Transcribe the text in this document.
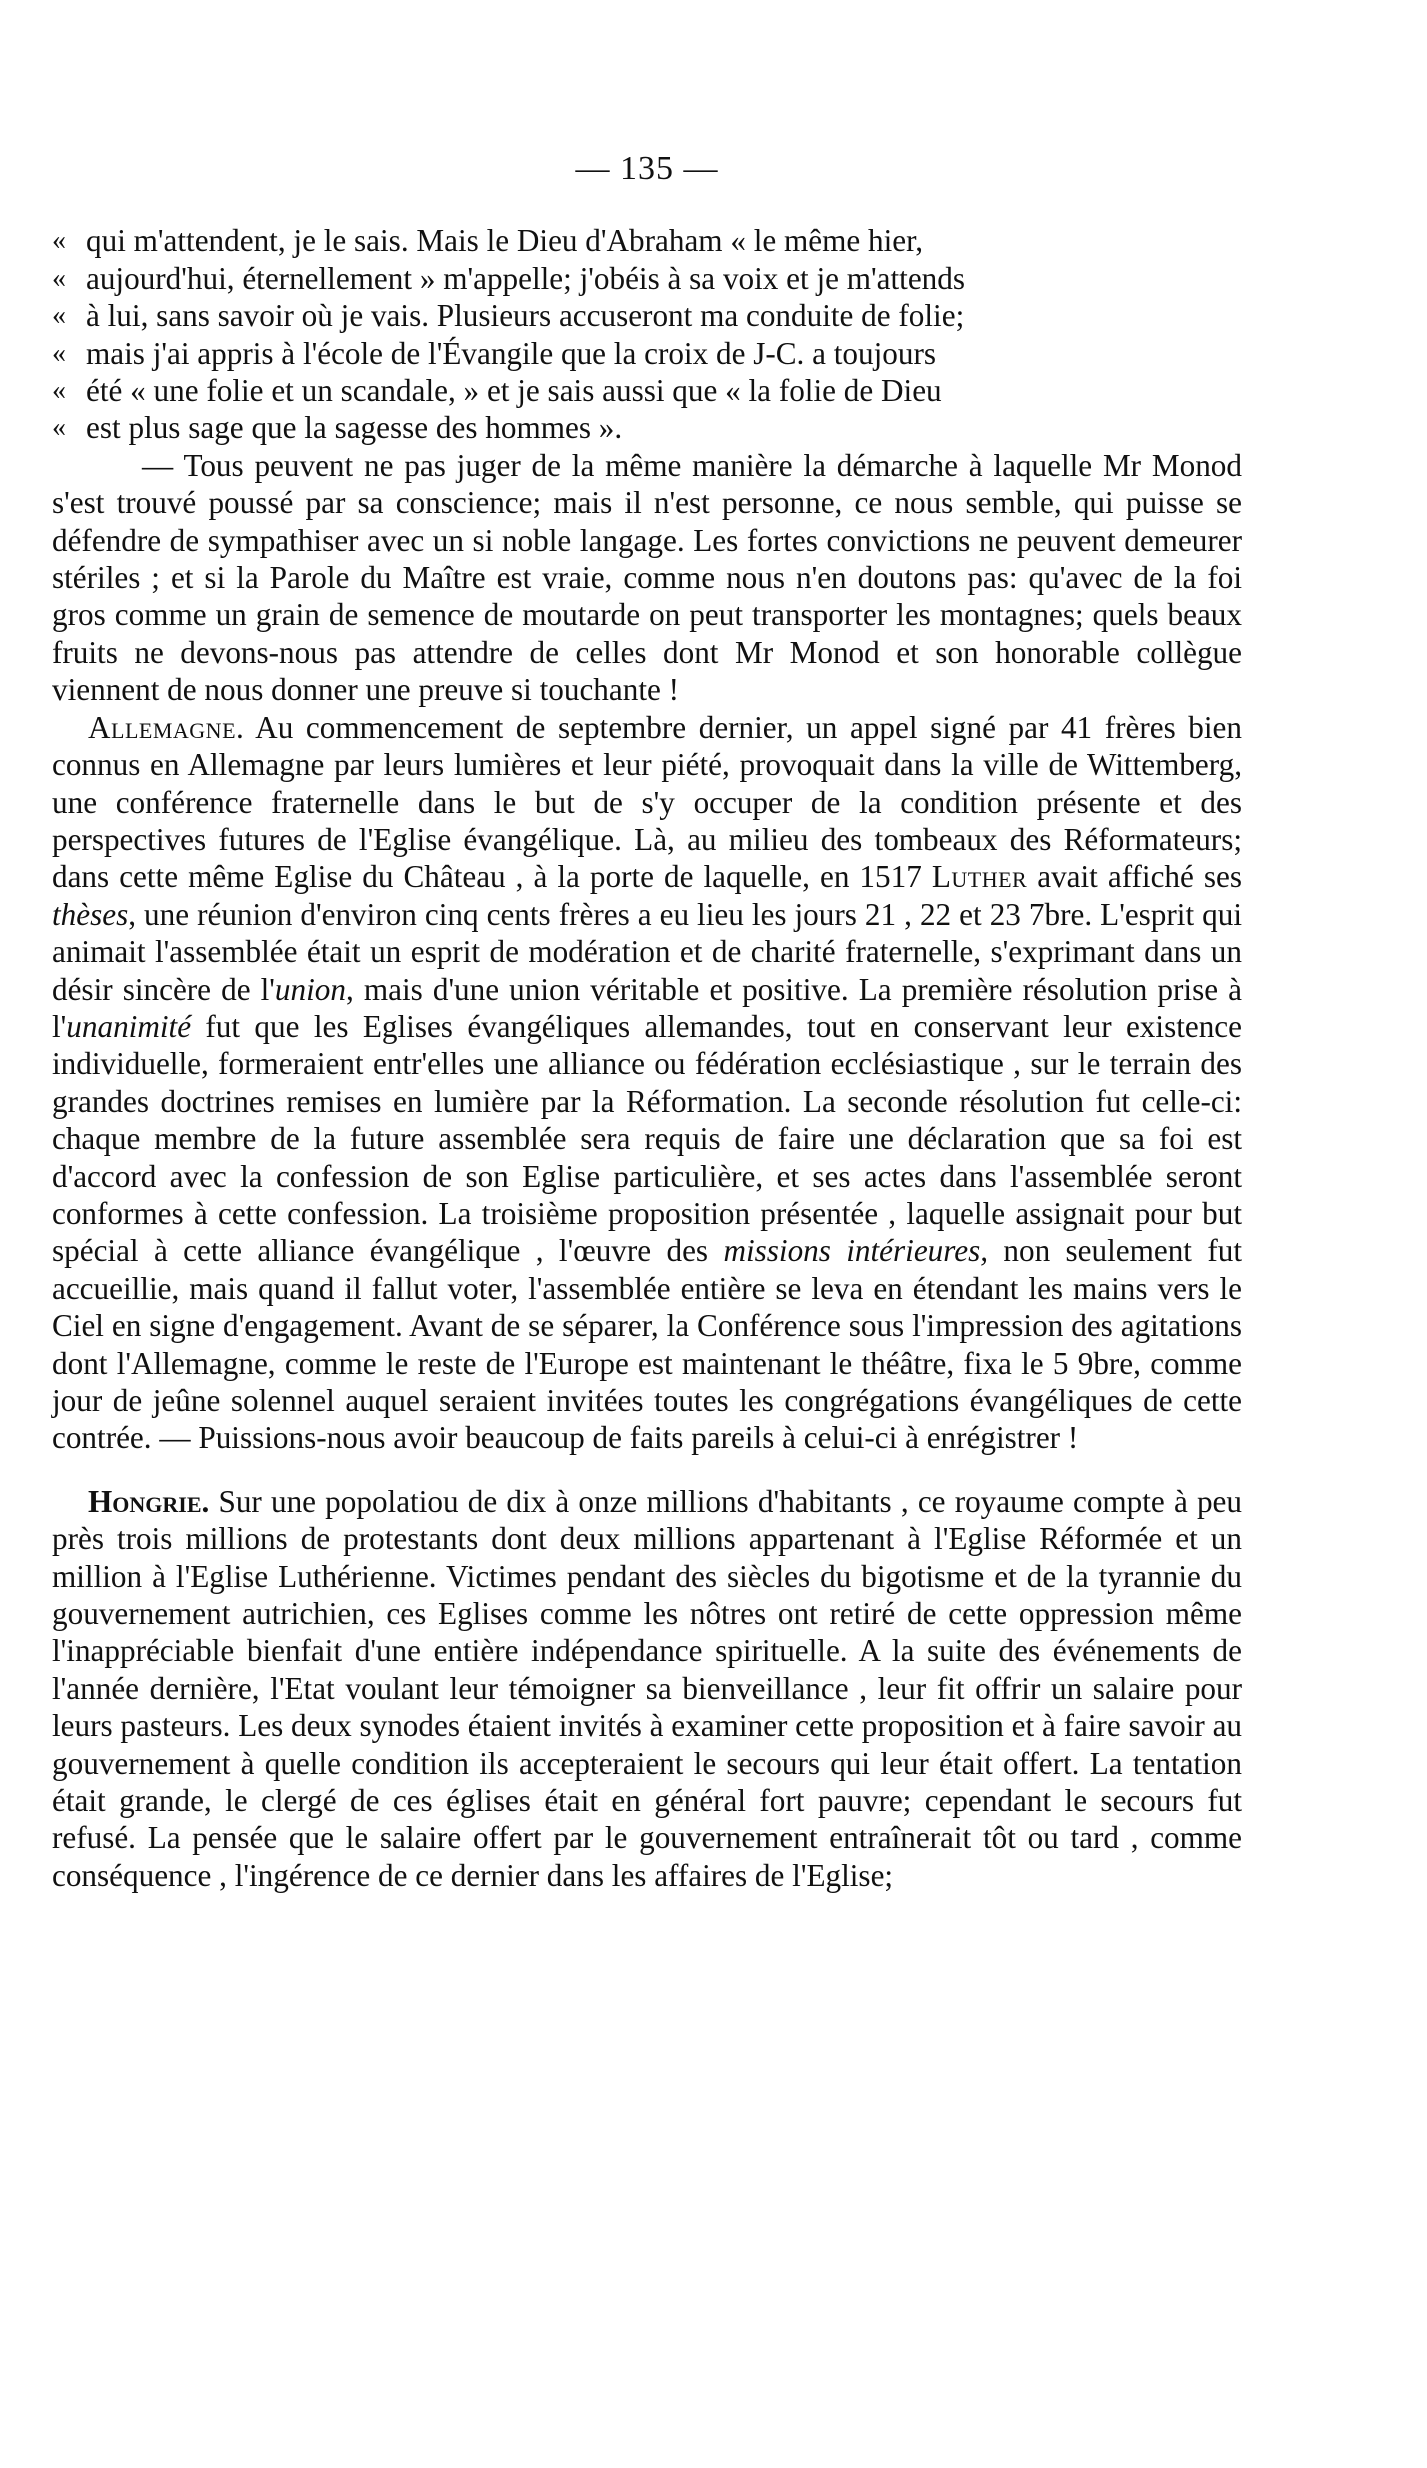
— 135 —
« qui m'attendent, je le sais. Mais le Dieu d'Abraham « le même hier,
« aujourd'hui, éternellement » m'appelle; j'obéis à sa voix et je m'attends
« à lui, sans savoir où je vais. Plusieurs accuseront ma conduite de folie;
« mais j'ai appris à l'école de l'Évangile que la croix de J-C. a toujours
« été « une folie et un scandale, » et je sais aussi que « la folie de Dieu
« est plus sage que la sagesse des hommes ».

— Tous peuvent ne pas juger de la même manière la démarche à laquelle Mr Monod s'est trouvé poussé par sa conscience; mais il n'est personne, ce nous semble, qui puisse se défendre de sympathiser avec un si noble langage. Les fortes convictions ne peuvent demeurer stériles ; et si la Parole du Maître est vraie, comme nous n'en doutons pas: qu'avec de la foi gros comme un grain de semence de moutarde on peut transporter les montagnes; quels beaux fruits ne devons-nous pas attendre de celles dont Mr Monod et son honorable collègue viennent de nous donner une preuve si touchante !

Allemagne. Au commencement de septembre dernier, un appel signé par 41 frères bien connus en Allemagne par leurs lumières et leur piété, provoquait dans la ville de Wittemberg, une conférence fraternelle dans le but de s'y occuper de la condition présente et des perspectives futures de l'Eglise évangélique. Là, au milieu des tombeaux des Réformateurs; dans cette même Eglise du Château , à la porte de laquelle, en 1517 Luther avait affiché ses thèses, une réunion d'environ cinq cents frères a eu lieu les jours 21 , 22 et 23 7bre. L'esprit qui animait l'assemblée était un esprit de modération et de charité fraternelle, s'exprimant dans un désir sincère de l'union, mais d'une union véritable et positive. La première résolution prise à l'unanimité fut que les Eglises évangéliques allemandes, tout en conservant leur existence individuelle, formeraient entr'elles une alliance ou fédération ecclésiastique , sur le terrain des grandes doctrines remises en lumière par la Réformation. La seconde résolution fut celle-ci: chaque membre de la future assemblée sera requis de faire une déclaration que sa foi est d'accord avec la confession de son Eglise particulière, et ses actes dans l'assemblée seront conformes à cette confession. La troisième proposition présentée , laquelle assignait pour but spécial à cette alliance évangélique , l'œuvre des missions intérieures, non seulement fut accueillie, mais quand il fallut voter, l'assemblée entière se leva en étendant les mains vers le Ciel en signe d'engagement. Avant de se séparer, la Conférence sous l'impression des agitations dont l'Allemagne, comme le reste de l'Europe est maintenant le théâtre, fixa le 5 9bre, comme jour de jeûne solennel auquel seraient invitées toutes les congrégations évangéliques de cette contrée. — Puissions-nous avoir beaucoup de faits pareils à celui-ci à enrégistrer !

Hongrie. Sur une popolatiou de dix à onze millions d'habitants , ce royaume compte à peu près trois millions de protestants dont deux millions appartenant à l'Eglise Réformée et un million à l'Eglise Luthérienne. Victimes pendant des siècles du bigotisme et de la tyrannie du gouvernement autrichien, ces Eglises comme les nôtres ont retiré de cette oppression même l'inappréciable bienfait d'une entière indépendance spirituelle. A la suite des événements de l'année dernière, l'Etat voulant leur témoigner sa bienveillance , leur fit offrir un salaire pour leurs pasteurs. Les deux synodes étaient invités à examiner cette proposition et à faire savoir au gouvernement à quelle condition ils accepteraient le secours qui leur était offert. La tentation était grande, le clergé de ces églises était en général fort pauvre; cependant le secours fut refusé. La pensée que le salaire offert par le gouvernement entraînerait tôt ou tard , comme conséquence , l'ingérence de ce dernier dans les affaires de l'Eglise;
